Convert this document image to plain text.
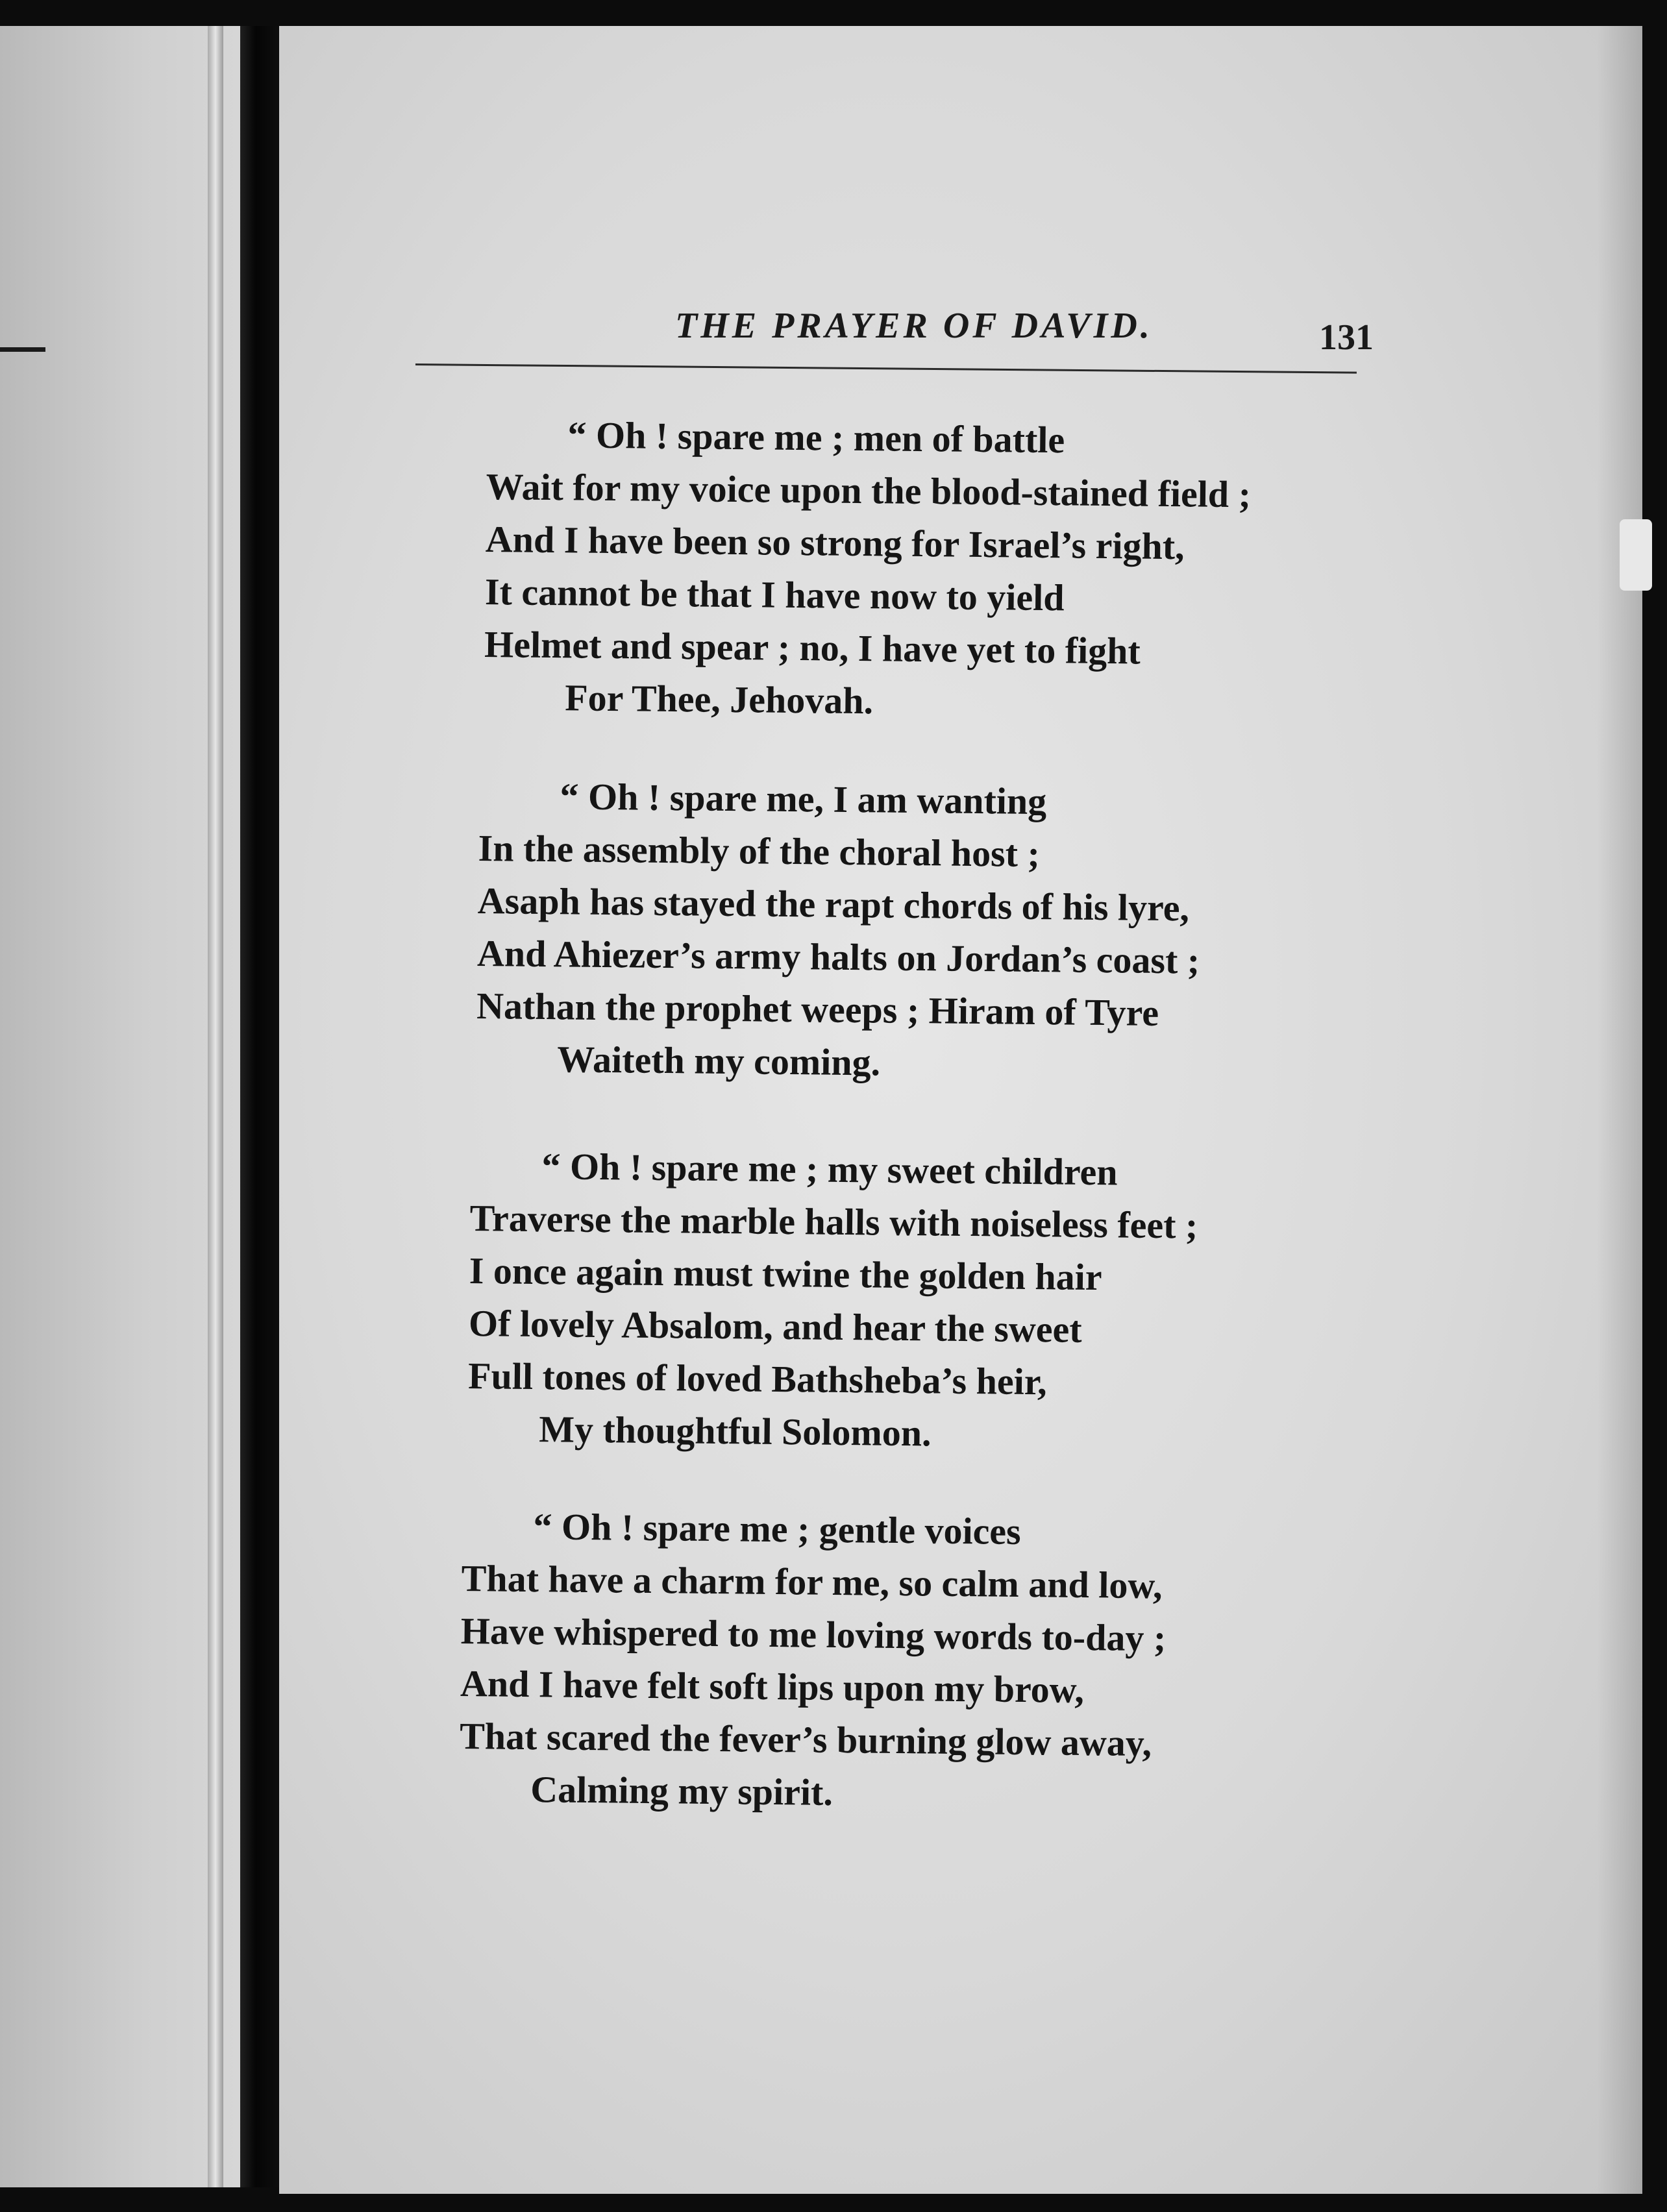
THE PRAYER OF DAVID.	131
“ Oh ! spare me ; men of battle
Wait for my voice upon the blood-stained field ;
And I have been so strong for Israel’s right,
It cannot be that I have now to yield
Helmet and spear ; no, I have yet to fight
For Thee, Jehovah.
“ Oh ! spare me, I am wanting
In the assembly of the choral host ;
Asaph has stayed the rapt chords of his lyre,
And Ahiezer’s army halts on Jordan’s coast ;
Nathan the prophet weeps ; Hiram of Tyre
Waiteth my coming.
“ Oh ! spare me ; my sweet children
Traverse the marble halls with noiseless feet ;
I once again must twine the golden hair
Of lovely Absalom, and hear the sweet
Full tones of loved Bathsheba’s heir,
My thoughtful Solomon.
“ Oh ! spare me ; gentle voices
That have a charm for me, so calm and low,
Have whispered to me loving words to-day ;
And I have felt soft lips upon my brow,
That scared the fever’s burning glow away,
Calming my spirit.
